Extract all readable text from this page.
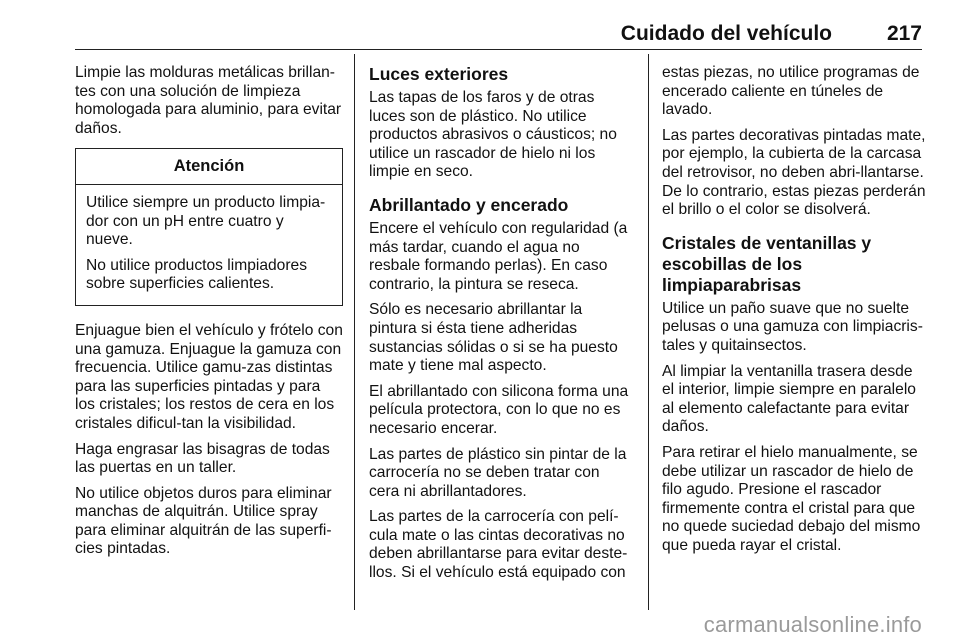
Cuidado del vehículo	217

Limpie las molduras metálicas brillan-tes con una solución de limpieza homologada para aluminio, para evitar daños.

Atención

Utilice siempre un producto limpia-dor con un pH entre cuatro y nueve.

No utilice productos limpiadores sobre superficies calientes.

Enjuague bien el vehículo y frótelo con una gamuza. Enjuague la gamuza con frecuencia. Utilice gamu-zas distintas para las superficies pintadas y para los cristales; los restos de cera en los cristales dificul-tan la visibilidad.

Haga engrasar las bisagras de todas las puertas en un taller.

No utilice objetos duros para eliminar manchas de alquitrán. Utilice spray para eliminar alquitrán de las superfi-cies pintadas.

Luces exteriores

Las tapas de los faros y de otras luces son de plástico. No utilice productos abrasivos o cáusticos; no utilice un rascador de hielo ni los limpie en seco.

Abrillantado y encerado

Encere el vehículo con regularidad (a más tardar, cuando el agua no resbale formando perlas). En caso contrario, la pintura se reseca.

Sólo es necesario abrillantar la pintura si ésta tiene adheridas sustancias sólidas o si se ha puesto mate y tiene mal aspecto.

El abrillantado con silicona forma una película protectora, con lo que no es necesario encerar.

Las partes de plástico sin pintar de la carrocería no se deben tratar con cera ni abrillantadores.

Las partes de la carrocería con pelí-cula mate o las cintas decorativas no deben abrillantarse para evitar deste-llos. Si el vehículo está equipado con

estas piezas, no utilice programas de encerado caliente en túneles de lavado.

Las partes decorativas pintadas mate, por ejemplo, la cubierta de la carcasa del retrovisor, no deben abri-llantarse. De lo contrario, estas piezas perderán el brillo o el color se disolverá.

Cristales de ventanillas y escobillas de los limpiaparabrisas

Utilice un paño suave que no suelte pelusas o una gamuza con limpiacris-tales y quitainsectos.

Al limpiar la ventanilla trasera desde el interior, limpie siempre en paralelo al elemento calefactante para evitar daños.

Para retirar el hielo manualmente, se debe utilizar un rascador de hielo de filo agudo. Presione el rascador firmemente contra el cristal para que no quede suciedad debajo del mismo que pueda rayar el cristal.

carmanualsonline.info
